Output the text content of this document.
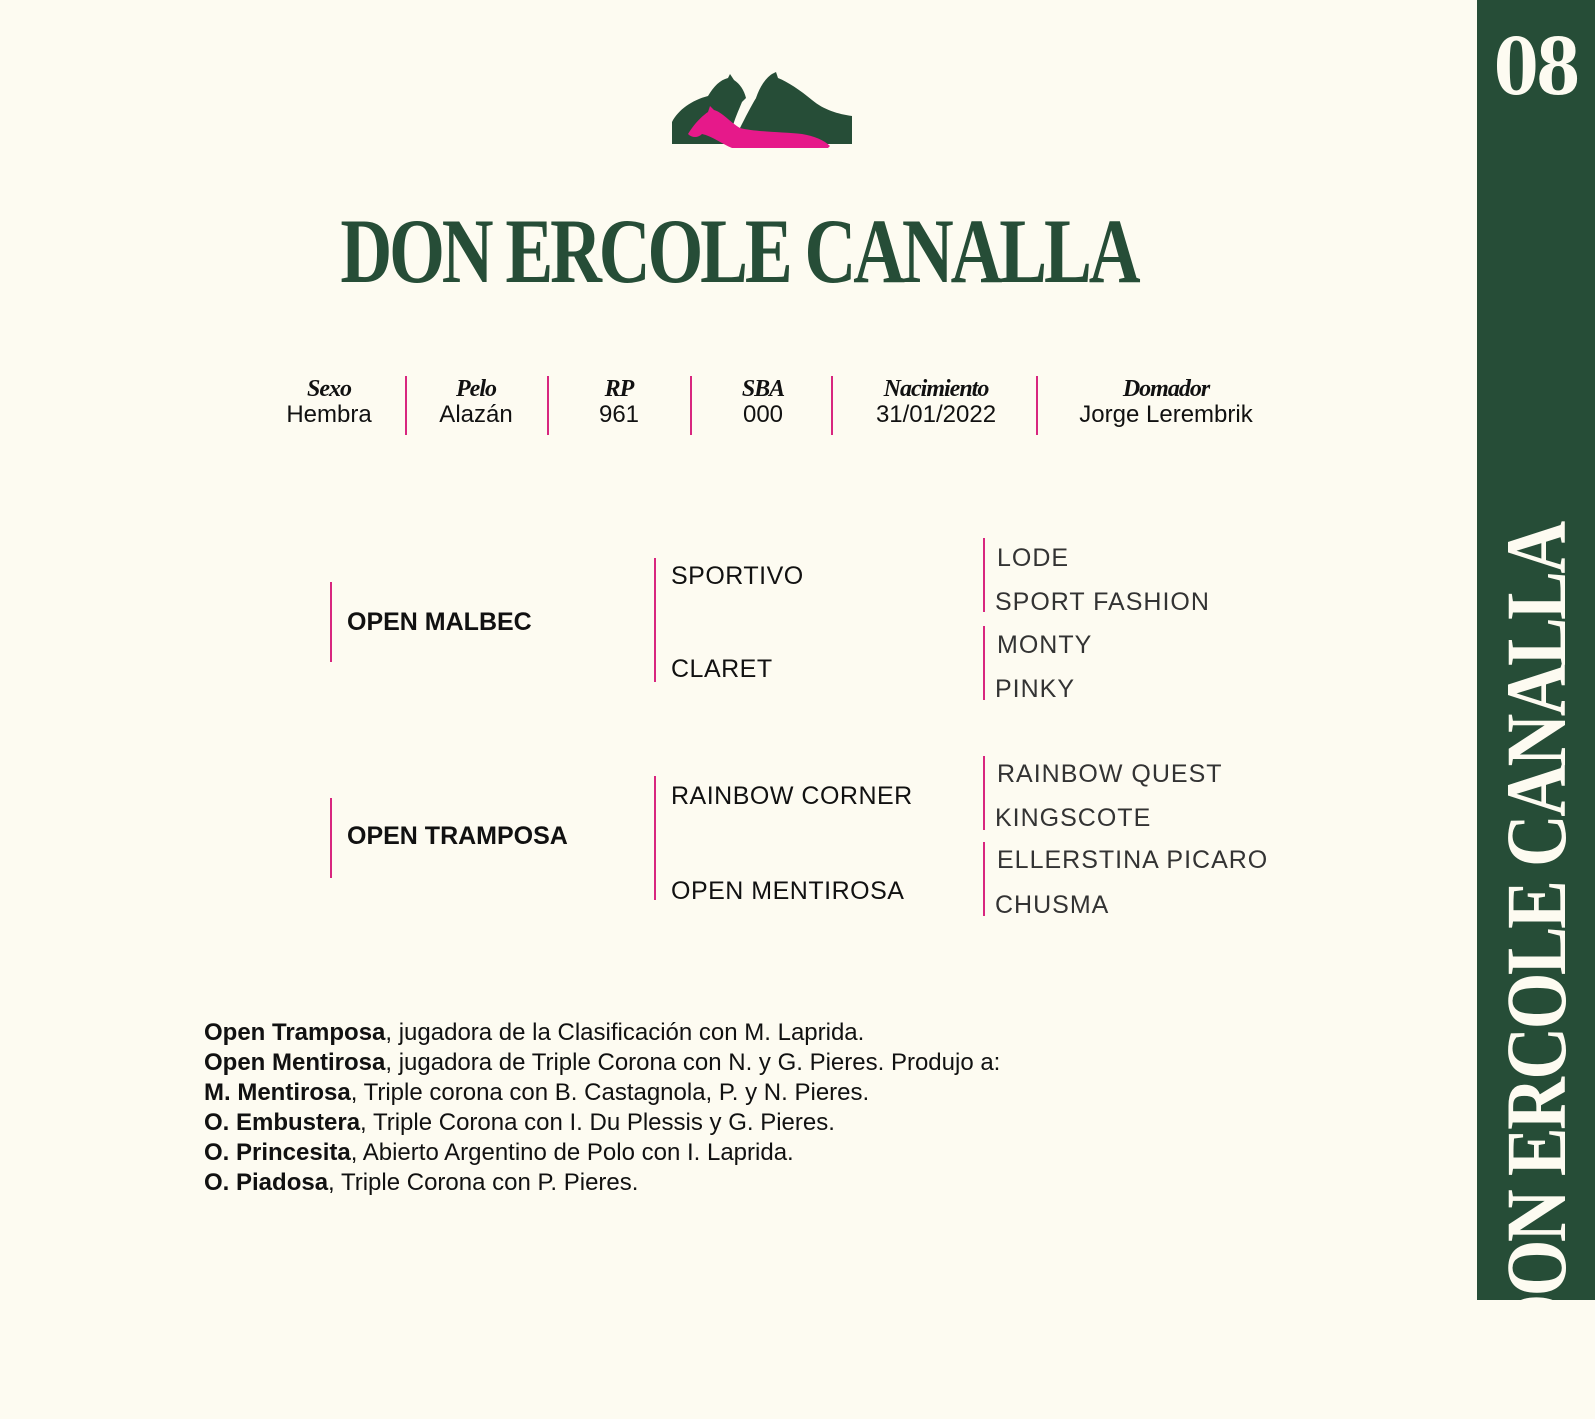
DON ERCOLE CANALLA
Sexo
Hembra
Pelo
Alazán
RP
961
SBA
000
Nacimiento
31/01/2022
Domador
Jorge Lerembrik
OPEN MALBEC
OPEN TRAMPOSA
SPORTIVO
CLARET
RAINBOW CORNER
OPEN MENTIROSA
LODE
SPORT FASHION
MONTY
PINKY
RAINBOW QUEST
KINGSCOTE
ELLERSTINA PICARO
CHUSMA
Open Tramposa, jugadora de la Clasificación con M. Laprida.
Open Mentirosa, jugadora de Triple Corona con N. y G. Pieres. Produjo a:
M. Mentirosa, Triple corona con B. Castagnola, P. y N. Pieres.
O. Embustera, Triple Corona con I. Du Plessis y G. Pieres.
O. Princesita, Abierto Argentino de Polo con I. Laprida.
O. Piadosa, Triple Corona con P. Pieres.
08
DON ERCOLE CANALLA
